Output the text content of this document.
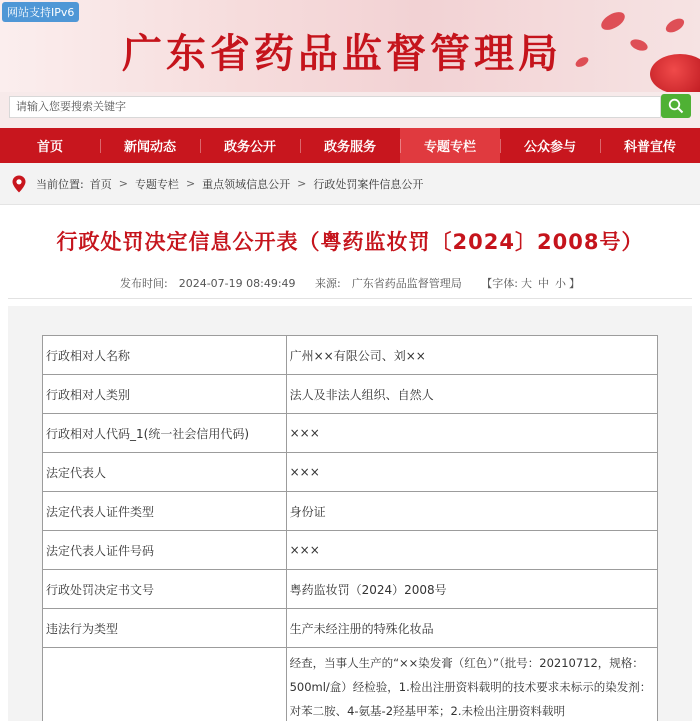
网站支持IPv6
广东省药品监督管理局
请输入您要搜索关键字
首页	新闻动态	政务公开	政务服务	专题专栏	公众参与	科普宣传
当前位置: 首页 > 专题专栏 > 重点领域信息公开 > 行政处罚案件信息公开
行政处罚决定信息公开表（粤药监妆罚〔2024〕2008号）
发布时间:　2024-07-19 08:49:49 来源:　广东省药品监督管理局 【字体: 大 中 小 】
行政相对人名称	广州××有限公司、刘××
行政相对人类别	法人及非法人组织、自然人
行政相对人代码_1(统一社会信用代码)	×××
法定代表人	×××
法定代表人证件类型	身份证
法定代表人证件号码	×××
行政处罚决定书文号	粤药监妆罚（2024）2008号
违法行为类型	生产未经注册的特殊化妆品
	经查，当事人生产的“××染发膏（红色）”（批号：20210712，规格：500ml/盒）经检验，1.检出注册资料载明的技术要求未标示的染发剂：对苯二胺、4-氨基-2羟基甲苯；2.未检出注册资料载明
